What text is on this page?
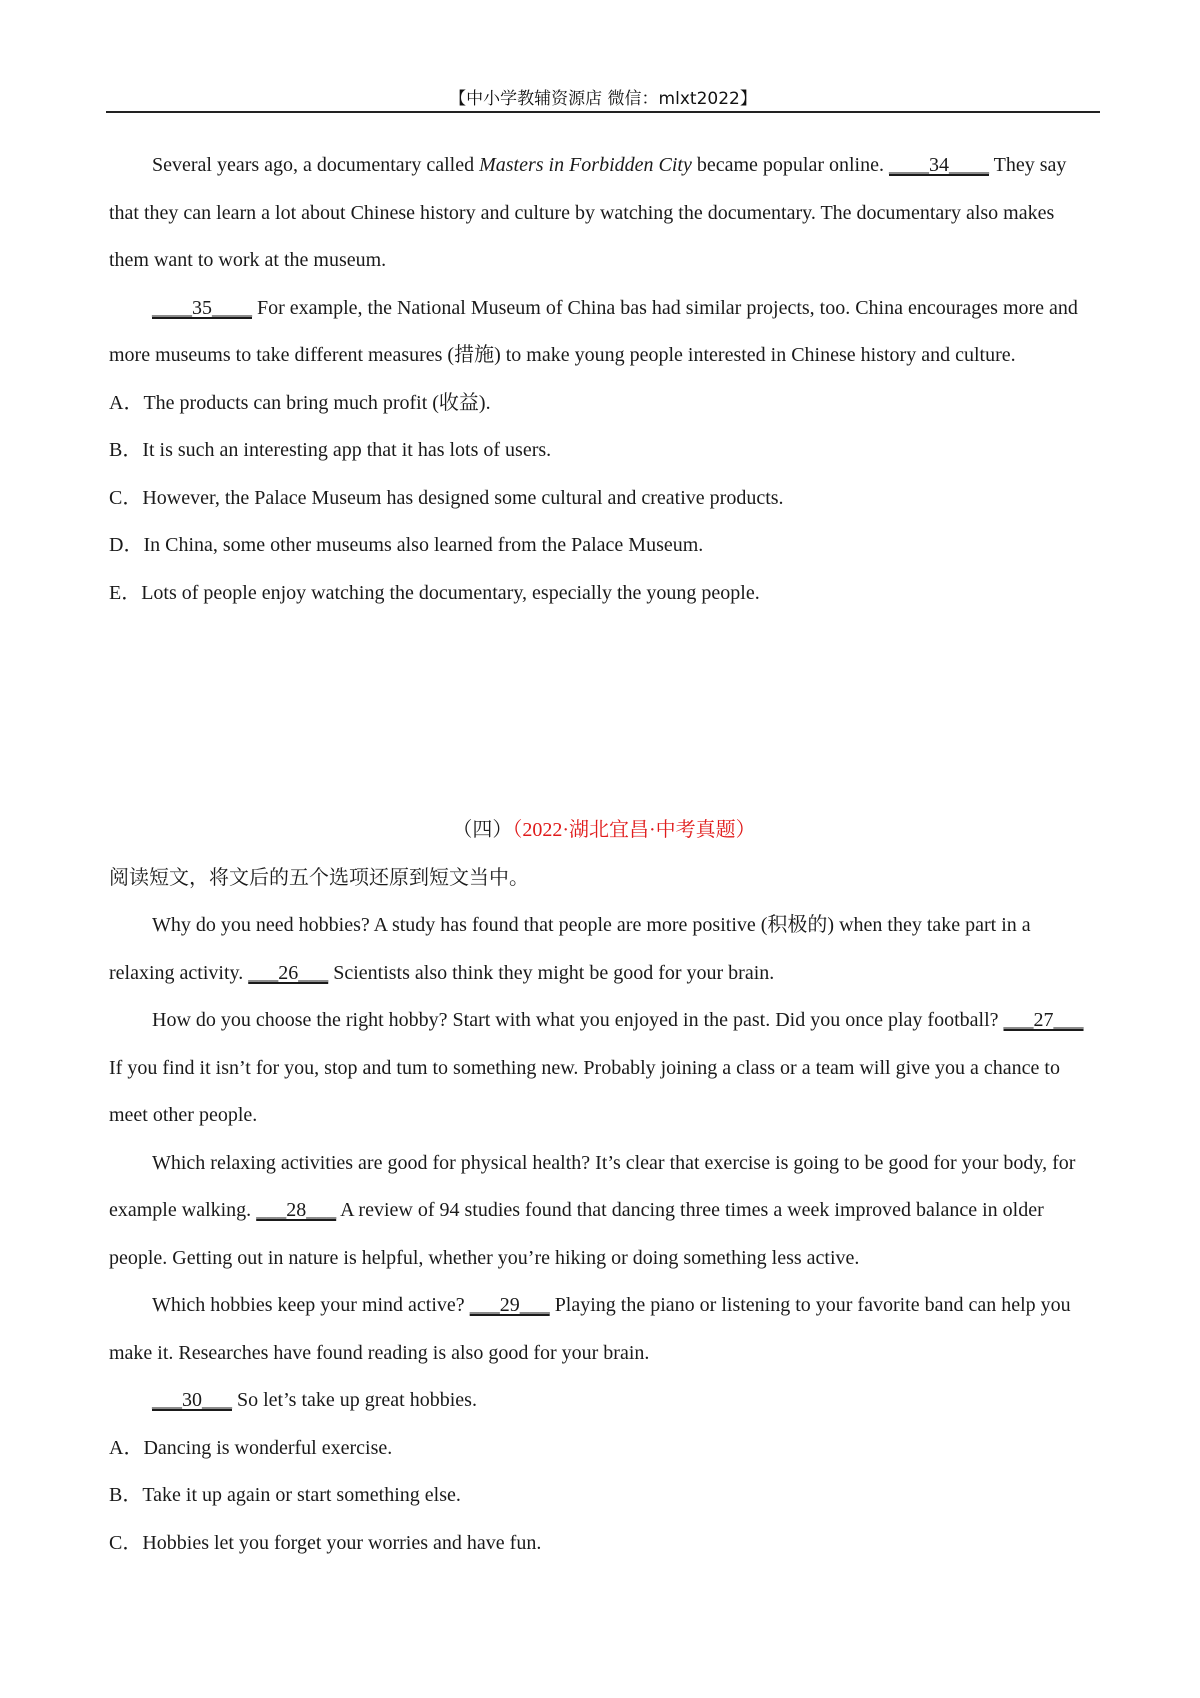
【中小学教辅资源店 微信：mlxt2022】

Several years ago, a documentary called Masters in Forbidden City became popular online. ____34____ They say that they can learn a lot about Chinese history and culture by watching the documentary. The documentary also makes them want to work at the museum.

____35____ For example, the National Museum of China bas had similar projects, too. China encourages more and more museums to take different measures (措施) to make young people interested in Chinese history and culture.

A．The products can bring much profit (收益).

B．It is such an interesting app that it has lots of users.

C．However, the Palace Museum has designed some cultural and creative products.

D．In China, some other museums also learned from the Palace Museum.

E．Lots of people enjoy watching the documentary, especially the young people.

（四）（2022·湖北宜昌·中考真题）

阅读短文，将文后的五个选项还原到短文当中。

Why do you need hobbies? A study has found that people are more positive (积极的) when they take part in a relaxing activity. ___26___ Scientists also think they might be good for your brain.

How do you choose the right hobby? Start with what you enjoyed in the past. Did you once play football? ___27___ If you find it isn’t for you, stop and tum to something new. Probably joining a class or a team will give you a chance to meet other people.

Which relaxing activities are good for physical health? It’s clear that exercise is going to be good for your body, for example walking. ___28___ A review of 94 studies found that dancing three times a week improved balance in older people. Getting out in nature is helpful, whether you’re hiking or doing something less active.

Which hobbies keep your mind active? ___29___ Playing the piano or listening to your favorite band can help you make it. Researches have found reading is also good for your brain.

___30___ So let’s take up great hobbies.

A．Dancing is wonderful exercise.

B．Take it up again or start something else.

C．Hobbies let you forget your worries and have fun.
